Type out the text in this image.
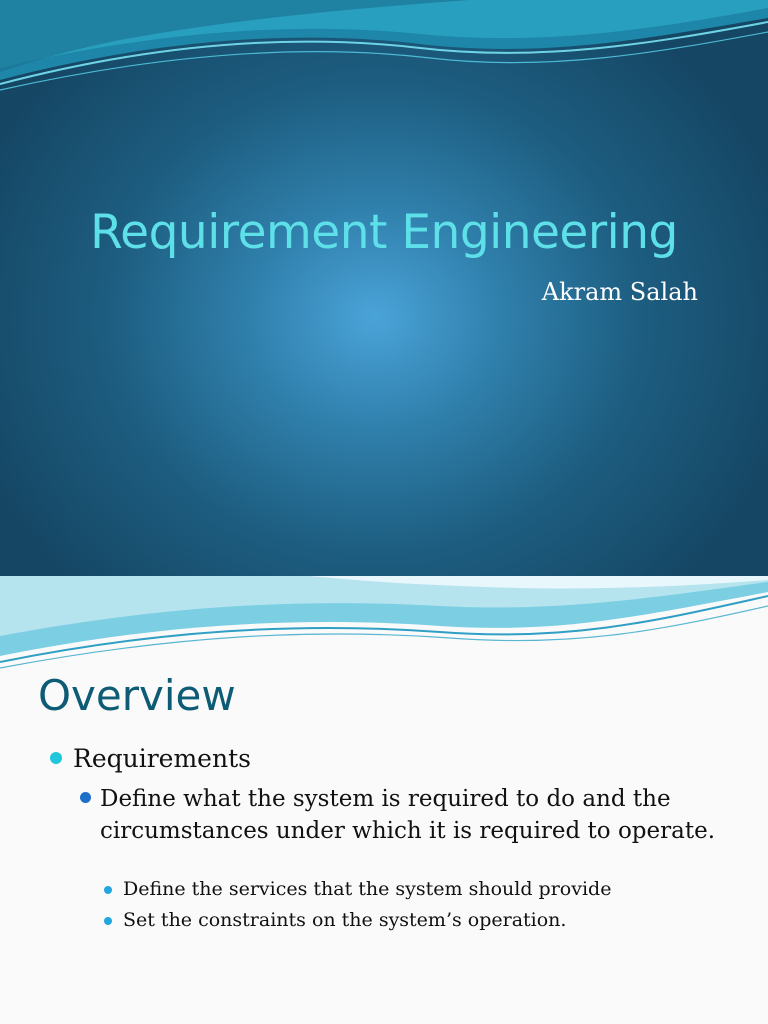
Requirement Engineering
Akram Salah
Overview
Requirements
Define what the system is required to do and the circumstances under which it is required to operate.
Define the services that the system should provide
Set the constraints on the system’s operation.
